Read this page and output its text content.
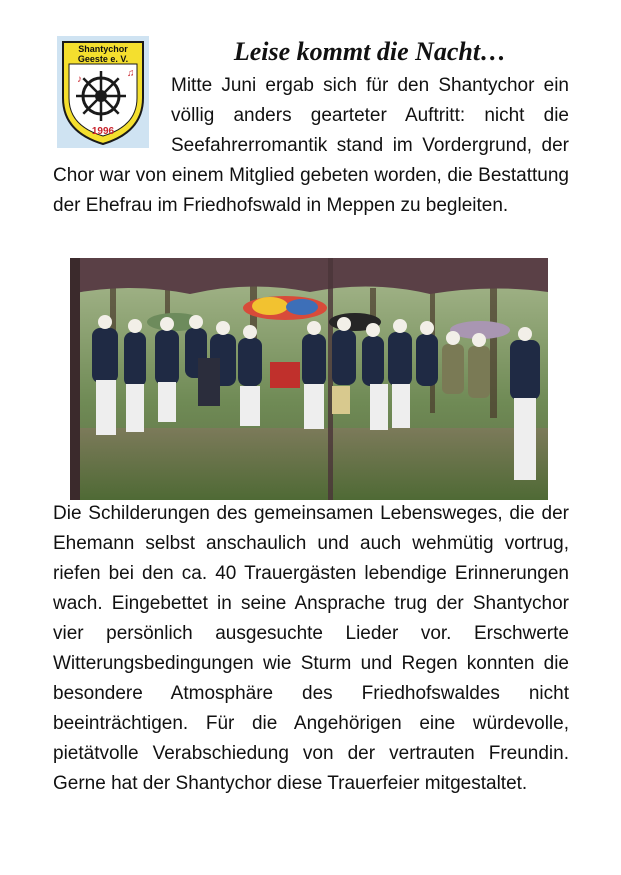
Shantychor
Geeste e. V.
♪
♫
1996
Leise kommt die Nacht…

Mitte Juni ergab sich für den Shantychor ein völlig anders gearteter Auftritt: nicht die Seefahrerromantik stand im Vordergrund, der Chor war von einem Mitglied gebeten worden, die Bestattung der Ehefrau im Friedhofswald in Meppen zu begleiten.

Die Schilderungen des gemeinsamen Lebensweges, die der Ehemann selbst anschaulich und auch wehmütig vortrug, riefen bei den ca. 40 Trauergästen lebendige Erinnerungen wach. Eingebettet in seine Ansprache trug der Shantychor vier persönlich ausgesuchte Lieder vor. Erschwerte Witterungsbedingungen wie Sturm und Regen konnten die besondere Atmosphäre des Friedhofswaldes nicht beeinträchtigen. Für die Angehörigen eine würdevolle, pietätvolle Verabschiedung von der vertrauten Freundin. Gerne hat der Shantychor diese Trauerfeier mitgestaltet.
